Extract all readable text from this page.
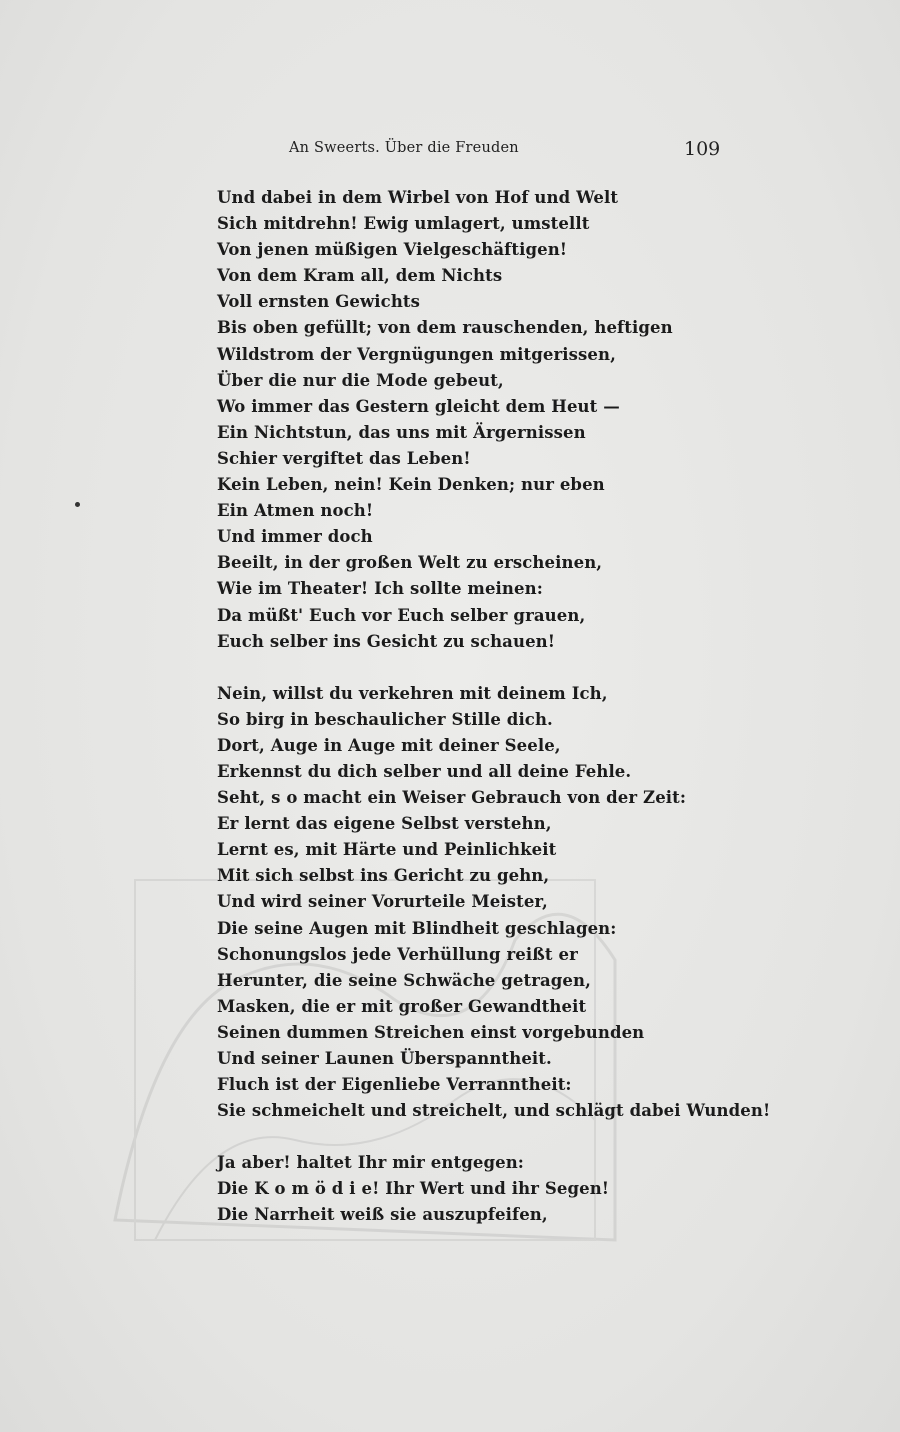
An Sweerts. Über die Freuden	109
Und dabei in dem Wirbel von Hof und Welt
Sich mitdrehn! Ewig umlagert, umstellt
Von jenen müßigen Vielgeschäftigen!
Von dem Kram all, dem Nichts
Voll ernsten Gewichts
Bis oben gefüllt; von dem rauschenden, heftigen
Wildstrom der Vergnügungen mitgerissen,
Über die nur die Mode gebeut,
Wo immer das Gestern gleicht dem Heut —
Ein Nichtstun, das uns mit Ärgernissen
Schier vergiftet das Leben!
Kein Leben, nein! Kein Denken; nur eben
Ein Atmen noch!
Und immer doch
Beeilt, in der großen Welt zu erscheinen,
Wie im Theater! Ich sollte meinen:
Da müßt' Euch vor Euch selber grauen,
Euch selber ins Gesicht zu schauen!
Nein, willst du verkehren mit deinem Ich,
So birg in beschaulicher Stille dich.
Dort, Auge in Auge mit deiner Seele,
Erkennst du dich selber und all deine Fehle.
Seht, s o macht ein Weiser Gebrauch von der Zeit:
Er lernt das eigene Selbst verstehn,
Lernt es, mit Härte und Peinlichkeit
Mit sich selbst ins Gericht zu gehn,
Und wird seiner Vorurteile Meister,
Die seine Augen mit Blindheit geschlagen:
Schonungslos jede Verhüllung reißt er
Herunter, die seine Schwäche getragen,
Masken, die er mit großer Gewandtheit
Seinen dummen Streichen einst vorgebunden
Und seiner Launen Überspanntheit.
Fluch ist der Eigenliebe Verranntheit:
Sie schmeichelt und streichelt, und schlägt dabei Wunden!
Ja aber! haltet Ihr mir entgegen:
Die K o m ö d i e! Ihr Wert und ihr Segen!
Die Narrheit weiß sie auszupfeifen,
